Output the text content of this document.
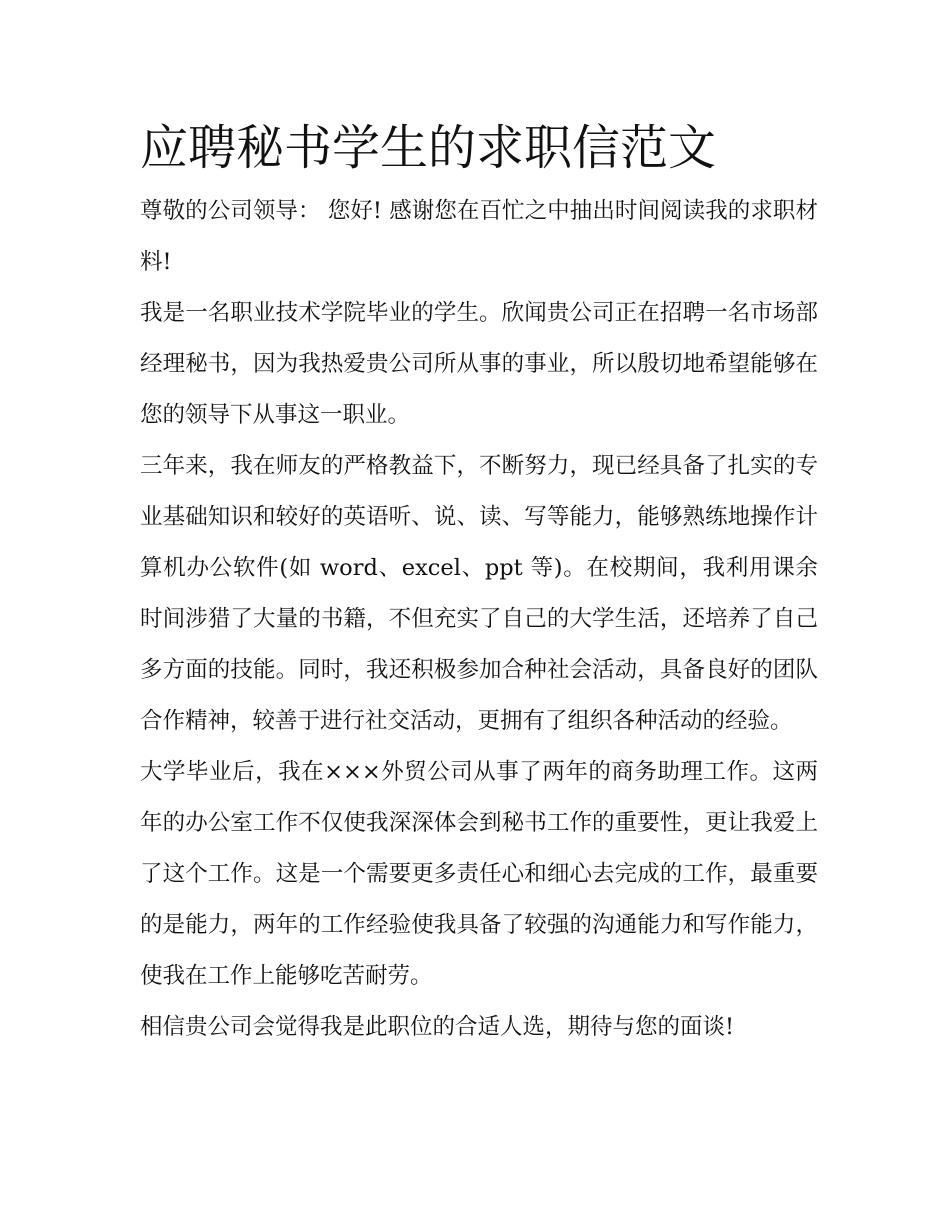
应聘秘书学生的求职信范文

尊敬的公司领导： 您好! 感谢您在百忙之中抽出时间阅读我的求职材料!

我是一名职业技术学院毕业的学生。欣闻贵公司正在招聘一名市场部经理秘书，因为我热爱贵公司所从事的事业，所以殷切地希望能够在您的领导下从事这一职业。

三年来，我在师友的严格教益下，不断努力，现已经具备了扎实的专业基础知识和较好的英语听、说、读、写等能力，能够熟练地操作计算机办公软件(如 word、excel、ppt 等)。在校期间，我利用课余时间涉猎了大量的书籍，不但充实了自己的大学生活，还培养了自己多方面的技能。同时，我还积极参加合种社会活动，具备良好的团队合作精神，较善于进行社交活动，更拥有了组织各种活动的经验。

大学毕业后，我在×××外贸公司从事了两年的商务助理工作。这两年的办公室工作不仅使我深深体会到秘书工作的重要性，更让我爱上了这个工作。这是一个需要更多责任心和细心去完成的工作，最重要的是能力，两年的工作经验使我具备了较强的沟通能力和写作能力，使我在工作上能够吃苦耐劳。

相信贵公司会觉得我是此职位的合适人选，期待与您的面谈!
